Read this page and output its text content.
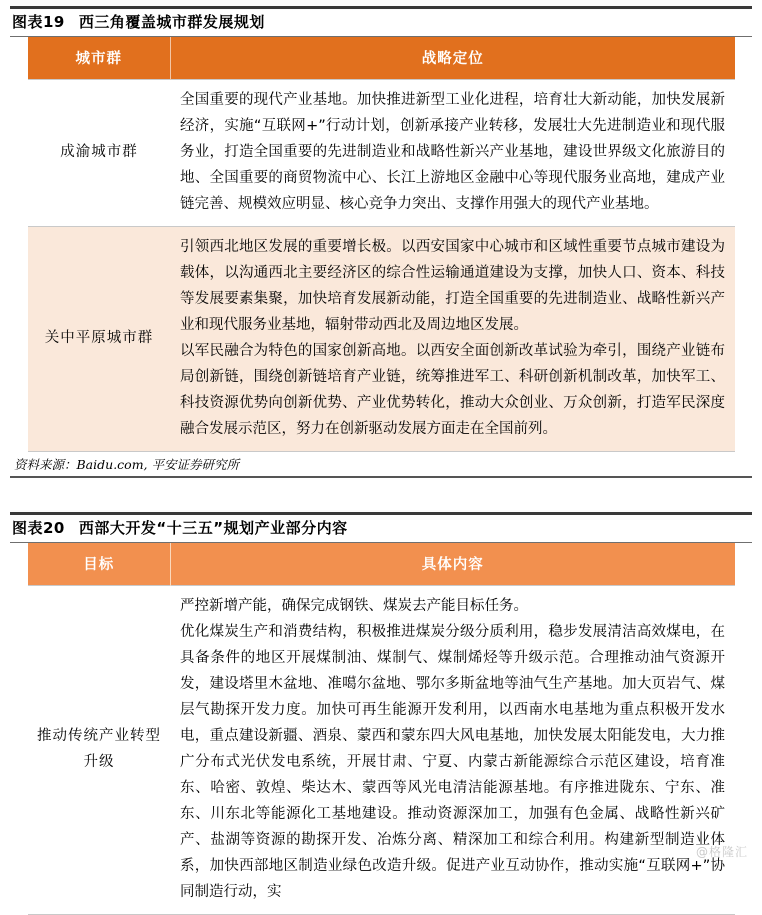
图表19 西三角覆盖城市群发展规划
城市群	战略定位
成渝城市群	全国重要的现代产业基地。加快推进新型工业化进程，培育壮大新动能，加快发展新经济，实施“互联网+”行动计划，创新承接产业转移，发展壮大先进制造业和现代服务业，打造全国重要的先进制造业和战略性新兴产业基地，建设世界级文化旅游目的地、全国重要的商贸物流中心、长江上游地区金融中心等现代服务业高地，建成产业链完善、规模效应明显、核心竞争力突出、支撑作用强大的现代产业基地。

关中平原城市群	引领西北地区发展的重要增长极。以西安国家中心城市和区域性重要节点城市建设为载体，以沟通西北主要经济区的综合性运输通道建设为支撑，加快人口、资本、科技等发展要素集聚，加快培育发展新动能，打造全国重要的先进制造业、战略性新兴产业和现代服务业基地，辐射带动西北及周边地区发展。

以军民融合为特色的国家创新高地。以西安全面创新改革试验为牵引，围绕产业链布局创新链，围绕创新链培育产业链，统筹推进军工、科研创新机制改革，加快军工、科技资源优势向创新优势、产业优势转化，推动大众创业、万众创新，打造军民深度融合发展示范区，努力在创新驱动发展方面走在全国前列。

资料来源：Baidu.com, 平安证券研究所
图表20 西部大开发“十三五”规划产业部分内容
目标	具体内容
推动传统产业转型升级	严控新增产能，确保完成钢铁、煤炭去产能目标任务。

优化煤炭生产和消费结构，积极推进煤炭分级分质利用，稳步发展清洁高效煤电，在具备条件的地区开展煤制油、煤制气、煤制烯烃等升级示范。合理推动油气资源开发，建设塔里木盆地、准噶尔盆地、鄂尔多斯盆地等油气生产基地。加大页岩气、煤层气勘探开发力度。加快可再生能源开发利用，以西南水电基地为重点积极开发水电，重点建设新疆、酒泉、蒙西和蒙东四大风电基地，加快发展太阳能发电，大力推广分布式光伏发电系统，开展甘肃、宁夏、内蒙古新能源综合示范区建设，培育准东、哈密、敦煌、柴达木、蒙西等风光电清洁能源基地。有序推进陇东、宁东、准东、川东北等能源化工基地建设。推动资源深加工，加强有色金属、战略性新兴矿产、盐湖等资源的勘探开发、冶炼分离、精深加工和综合利用。构建新型制造业体系，加快西部地区制造业绿色改造升级。促进产业互动协作，推动实施“互联网+”协同制造行动，实

@格隆汇
